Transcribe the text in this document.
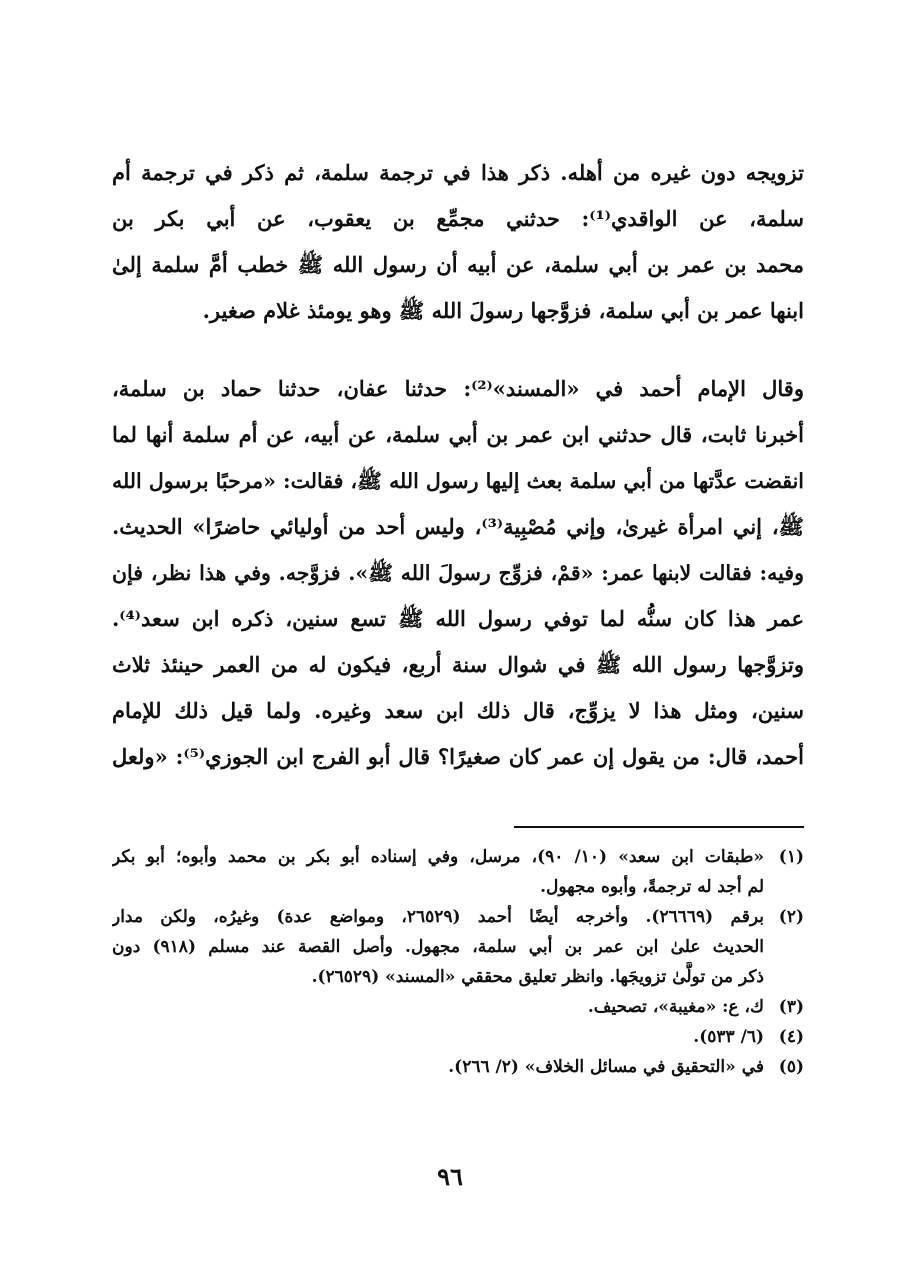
تزويجه دون غيره من أهله. ذكر هذا في ترجمة سلمة، ثم ذكر في ترجمة أم
سلمة، عن الواقدي⁽¹⁾: حدثني مجمِّع بن يعقوب، عن أبي بكر بن
محمد بن عمر بن أبي سلمة، عن أبيه أن رسول الله ﷺ خطب أمَّ سلمة إلىٰ
ابنها عمر بن أبي سلمة، فزوَّجها رسولَ الله ﷺ وهو يومئذ غلام صغير.
وقال الإمام أحمد في «المسند»⁽²⁾: حدثنا عفان، حدثنا حماد بن سلمة،
أخبرنا ثابت، قال حدثني ابن عمر بن أبي سلمة، عن أبيه، عن أم سلمة أنها لما
انقضت عدَّتها من أبي سلمة بعث إليها رسول الله ﷺ، فقالت: «مرحبًا برسول الله
ﷺ، إني امرأة غيرىٰ، وإني مُصْبِية⁽³⁾، وليس أحد من أوليائي حاضرًا» الحديث.
وفيه: فقالت لابنها عمر: «قمْ، فزوِّج رسولَ الله ﷺ». فزوَّجه. وفي هذا نظر، فإن
عمر هذا كان سنُّه لما توفي رسول الله ﷺ تسع سنين، ذكره ابن سعد⁽⁴⁾.
وتزوَّجها رسول الله ﷺ في شوال سنة أربع، فيكون له من العمر حينئذ ثلاث
سنين، ومثل هذا لا يزوِّج، قال ذلك ابن سعد وغيره. ولما قيل ذلك للإمام
أحمد، قال: من يقول إن عمر كان صغيرًا؟ قال أبو الفرج ابن الجوزي⁽⁵⁾: «ولعل
(١)
«طبقات ابن سعد» (١٠/ ٩٠)، مرسل، وفي إسناده أبو بكر بن محمد وأبوه؛ أبو بكر
لم أجد له ترجمةً، وأبوه مجهول.
(٢)
برقم (٢٦٦٦٩). وأخرجه أيضًا أحمد (٢٦٥٢٩، ومواضع عدة) وغيرُه، ولكن مدار
الحديث علىٰ ابن عمر بن أبي سلمة، مجهول. وأصل القصة عند مسلم (٩١٨) دون
ذكر من تولَّىٰ تزويجَها. وانظر تعليق محققي «المسند» (٢٦٥٢٩).
(٣)
ك، ع: «مغيبة»، تصحيف.
(٤)
(٦/ ٥٣٣).
(٥)
في «التحقيق في مسائل الخلاف» (٢/ ٢٦٦).
٩٦
